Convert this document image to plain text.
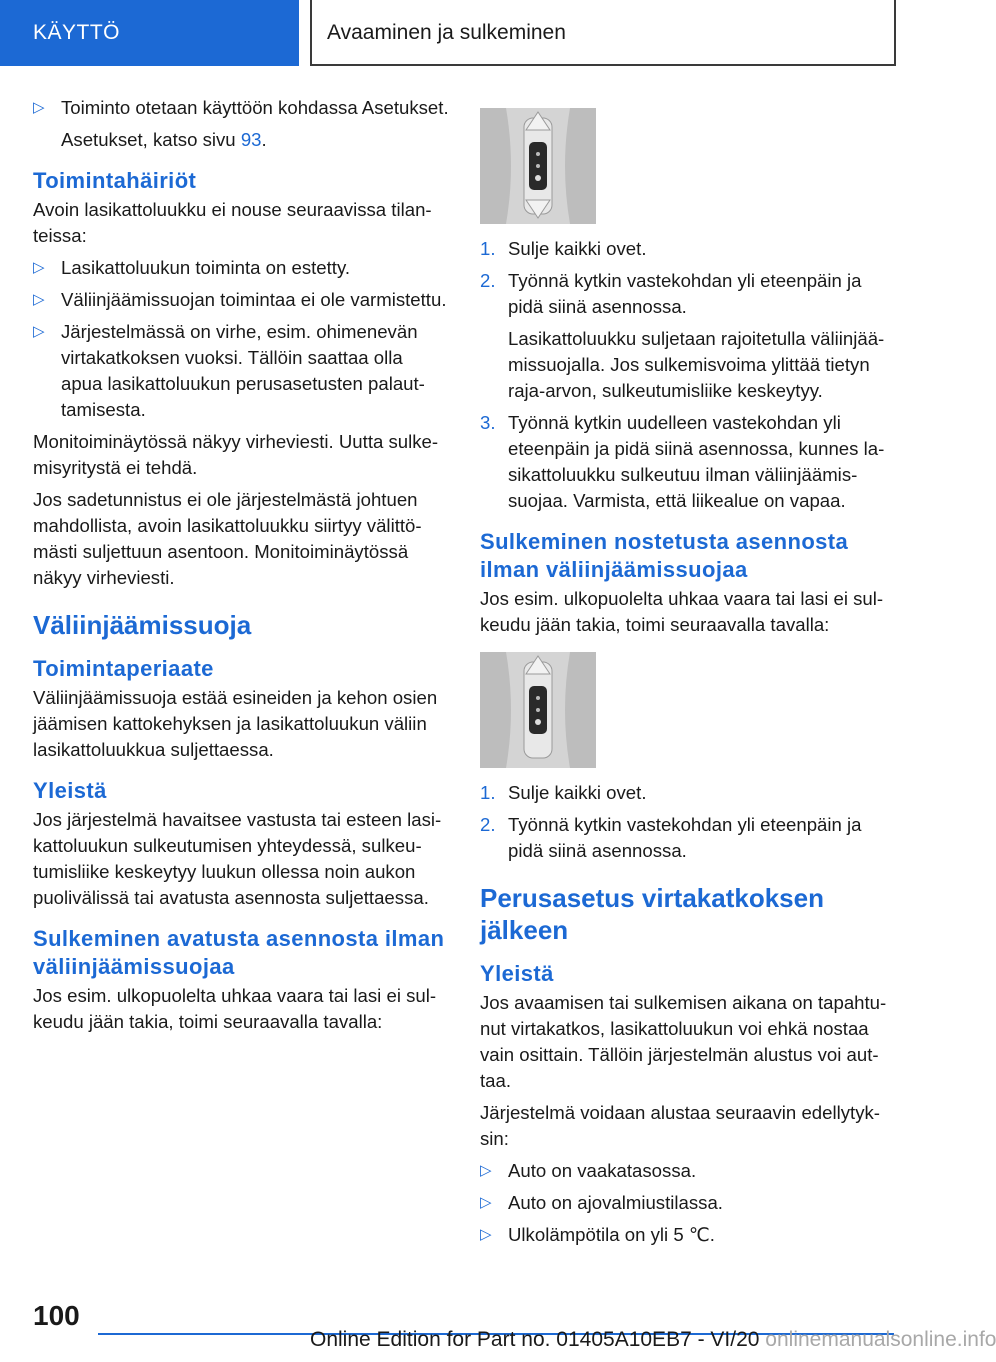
KÄYTTÖ	Avaaminen ja sulkeminen
▷ Toiminto otetaan käyttöön kohdassa Asetukset.

Asetukset, katso sivu 93.

Toimintahäiriöt

Avoin lasikattoluukku ei nouse seuraavissa tilanteissa:

▷ Lasikattoluukun toiminta on estetty.
▷ Väliinjäämissuojan toimintaa ei ole varmistettu.
▷ Järjestelmässä on virhe, esim. ohimenevän virtakatkoksen vuoksi. Tällöin saattaa olla apua lasikattoluukun perusasetusten palauttamisesta.

Monitoiminäytössä näkyy virheviesti. Uutta sulkemisyritystä ei tehdä.

Jos sadetunnistus ei ole järjestelmästä johtuen mahdollista, avoin lasikattoluukku siirtyy välittömästi suljettuun asentoon. Monitoiminäytössä näkyy virheviesti.

Väliinjäämissuoja
Toimintaperiaate

Väliinjäämissuoja estää esineiden ja kehon osien jäämisen kattokehyksen ja lasikattoluukun väliin lasikattoluukkua suljettaessa.

Yleistä

Jos järjestelmä havaitsee vastusta tai esteen lasikattoluukun sulkeutumisen yhteydessä, sulkeutumisliike keskeytyy luukun ollessa noin aukon puolivälissä tai avatusta asennosta suljettaessa.

Sulkeminen avatusta asennosta ilman väliinjäämissuojaa

Jos esim. ulkopuolelta uhkaa vaara tai lasi ei sulkeudu jään takia, toimi seuraavalla tavalla:

1. Sulje kaikki ovet.
2. Työnnä kytkin vastekohdan yli eteenpäin ja pidä siinä asennossa.

Lasikattoluukku suljetaan rajoitetulla väliinjäämissuojalla. Jos sulkemisvoima ylittää tietyn raja-arvon, sulkeutumisliike keskeytyy.

3. Työnnä kytkin uudelleen vastekohdan yli eteenpäin ja pidä siinä asennossa, kunnes lasikattoluukku sulkeutuu ilman väliinjäämissuojaa. Varmista, että liikealue on vapaa.
Sulkeminen nostetusta asennosta ilman väliinjäämissuojaa

Jos esim. ulkopuolelta uhkaa vaara tai lasi ei sulkeudu jään takia, toimi seuraavalla tavalla:

1. Sulje kaikki ovet.
2. Työnnä kytkin vastekohdan yli eteenpäin ja pidä siinä asennossa.
Perusasetus virtakatkoksen jälkeen
Yleistä

Jos avaamisen tai sulkemisen aikana on tapahtunut virtakatkos, lasikattoluukun voi ehkä nostaa vain osittain. Tällöin järjestelmän alustus voi auttaa.

Järjestelmä voidaan alustaa seuraavin edellytyksin:

▷ Auto on vaakatasossa.
▷ Auto on ajovalmiustilassa.
▷ Ulkolämpötila on yli 5 ℃.
100
Online Edition for Part no. 01405A10EB7 - VI/20 onlinemanualsonline.info
